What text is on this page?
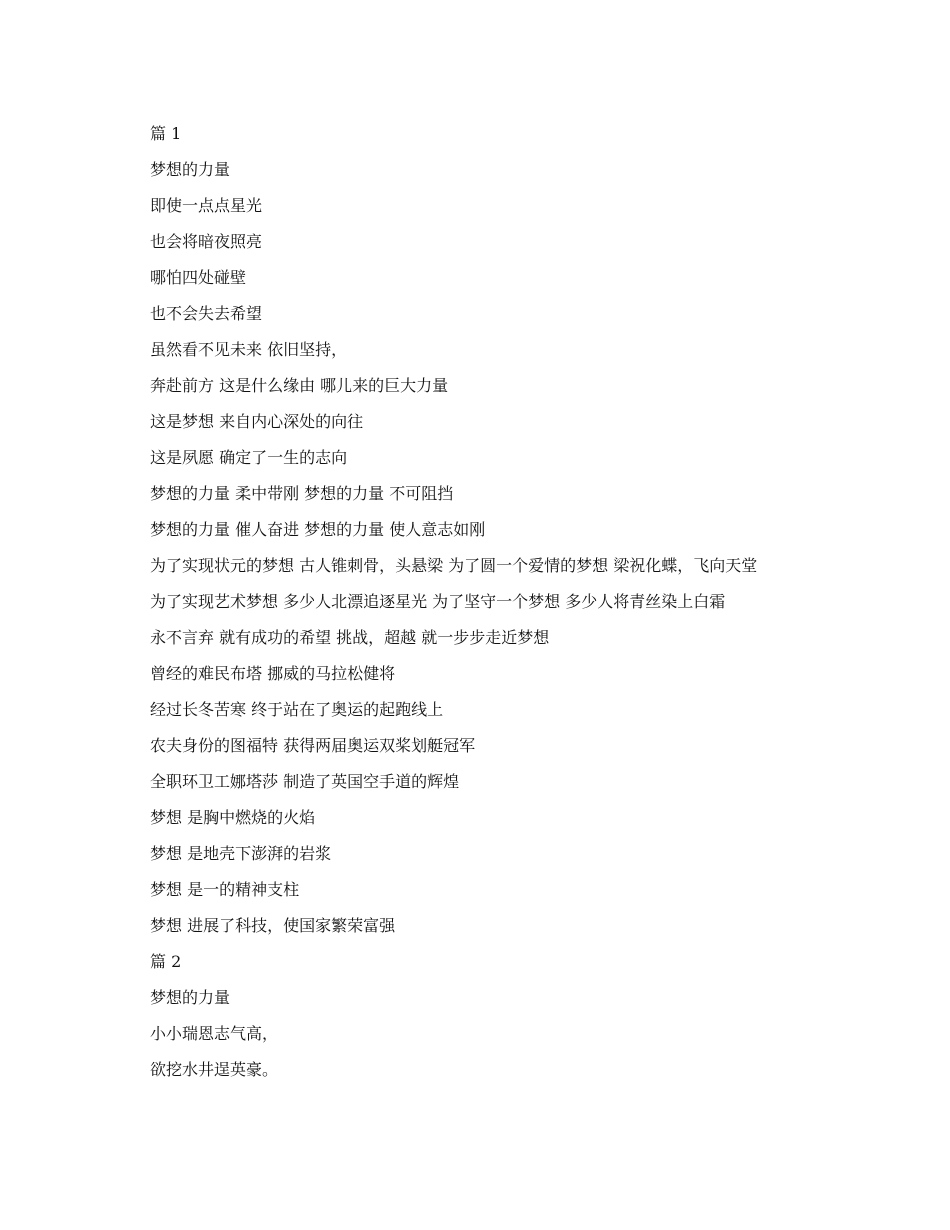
篇 1

梦想的力量

即使一点点星光

也会将暗夜照亮

哪怕四处碰壁

也不会失去希望

虽然看不见未来 依旧坚持，

奔赴前方 这是什么缘由 哪儿来的巨大力量

这是梦想 来自内心深处的向往

这是夙愿 确定了一生的志向

梦想的力量 柔中带刚 梦想的力量 不可阻挡

梦想的力量 催人奋进 梦想的力量 使人意志如刚

为了实现状元的梦想 古人锥刺骨，头悬梁 为了圆一个爱情的梦想 梁祝化蝶，飞向天堂

为了实现艺术梦想 多少人北漂追逐星光 为了坚守一个梦想 多少人将青丝染上白霜

永不言弃 就有成功的希望 挑战，超越 就一步步走近梦想

曾经的难民布塔 挪威的马拉松健将

经过长冬苦寒 终于站在了奥运的起跑线上

农夫身份的图福特 获得两届奥运双桨划艇冠军

全职环卫工娜塔莎 制造了英国空手道的辉煌

梦想 是胸中燃烧的火焰

梦想 是地壳下澎湃的岩浆

梦想 是一的精神支柱

梦想 进展了科技，使国家繁荣富强

篇 2

梦想的力量

小小瑞恩志气高，

欲挖水井逞英豪。
